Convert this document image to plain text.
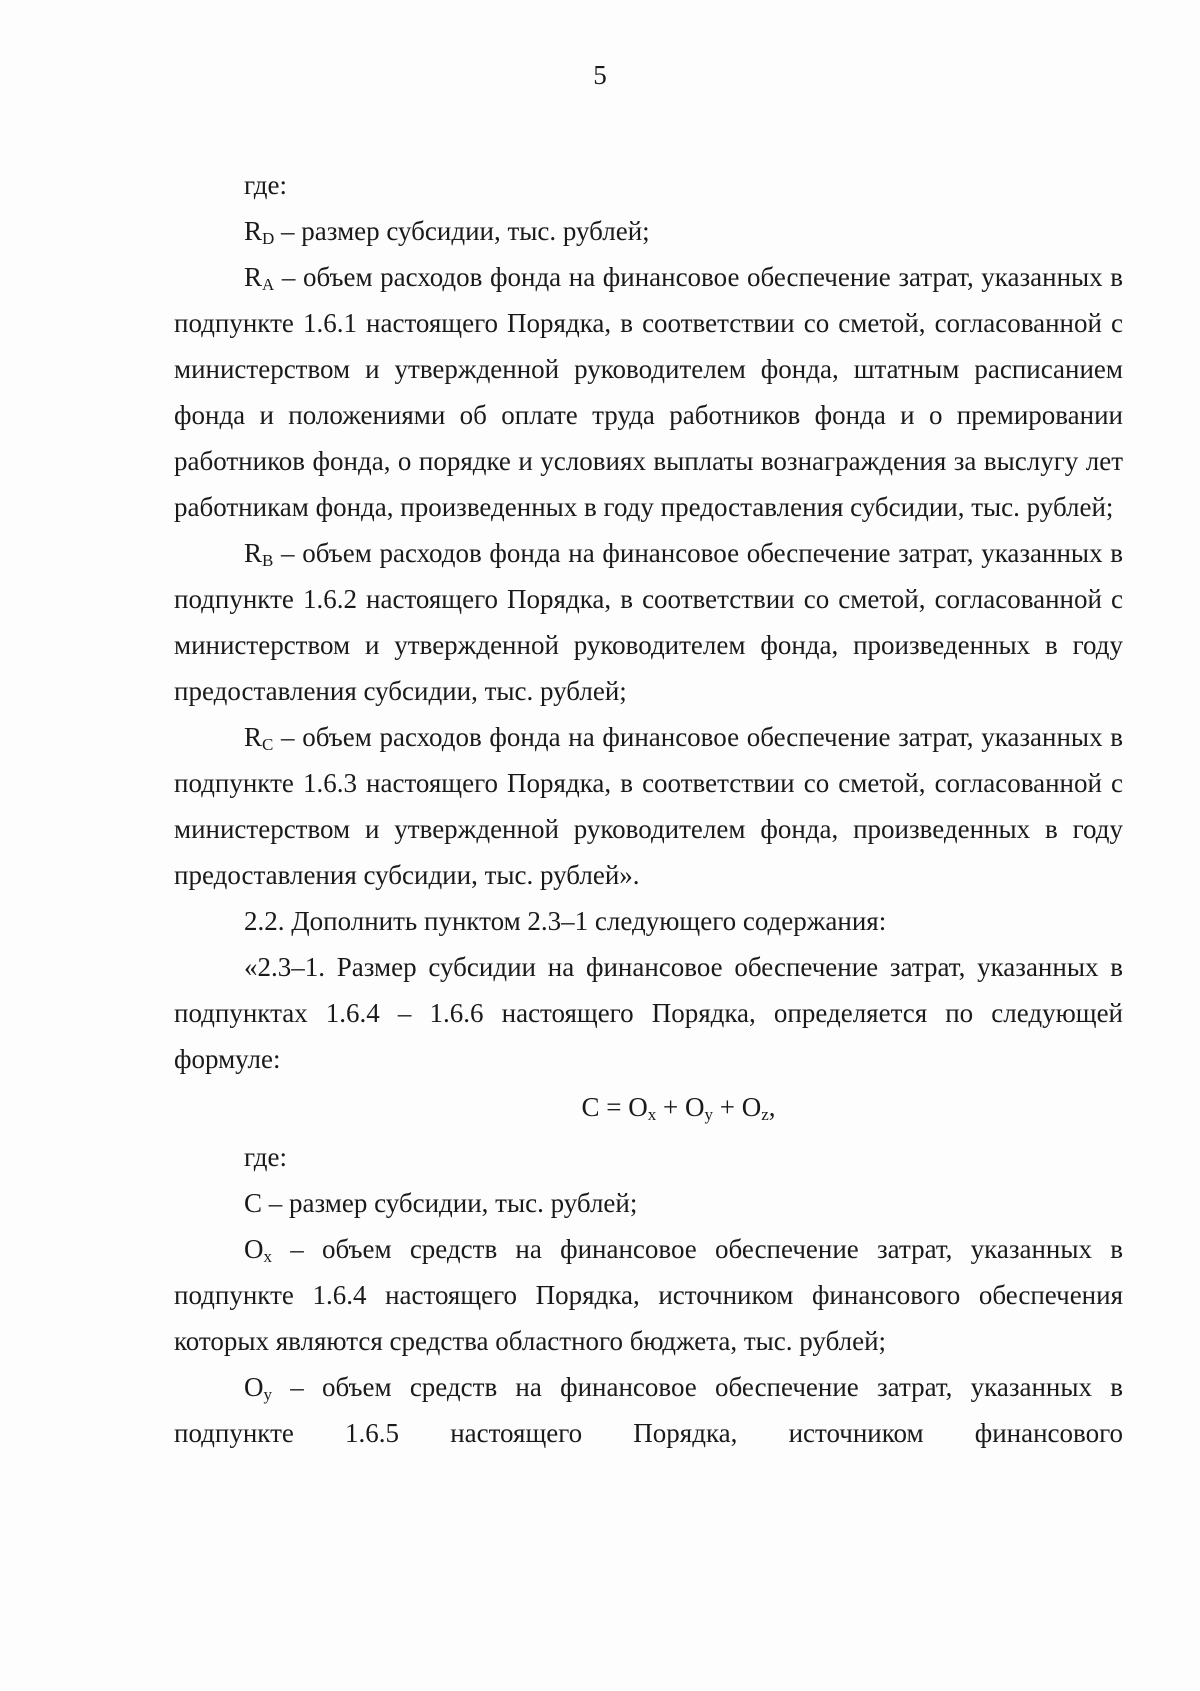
5

где:

$R_D$ – размер субсидии, тыс. рублей;

$R_A$ – объем расходов фонда на финансовое обеспечение затрат, указанных в подпункте 1.6.1 настоящего Порядка, в соответствии со сметой, согласованной с министерством и утвержденной руководителем фонда, штатным расписанием фонда и положениями об оплате труда работников фонда и о премировании работников фонда, о порядке и условиях выплаты вознаграждения за выслугу лет работникам фонда, произведенных в году предоставления субсидии, тыс. рублей;

$R_B$ – объем расходов фонда на финансовое обеспечение затрат, указанных в подпункте 1.6.2 настоящего Порядка, в соответствии со сметой, согласованной с министерством и утвержденной руководителем фонда, произведенных в году предоставления субсидии, тыс. рублей;

$R_C$ – объем расходов фонда на финансовое обеспечение затрат, указанных в подпункте 1.6.3 настоящего Порядка, в соответствии со сметой, согласованной с министерством и утвержденной руководителем фонда, произведенных в году предоставления субсидии, тыс. рублей».

2.2. Дополнить пунктом 2.3–1 следующего содержания:

«2.3–1. Размер субсидии на финансовое обеспечение затрат, указанных в подпунктах 1.6.4 – 1.6.6 настоящего Порядка, определяется по следующей формуле:

$C = O_x + O_y + O_z$,

где:

C – размер субсидии, тыс. рублей;

$O_x$ – объем средств на финансовое обеспечение затрат, указанных в подпункте 1.6.4 настоящего Порядка, источником финансового обеспечения которых являются средства областного бюджета, тыс. рублей;

$O_y$ – объем средств на финансовое обеспечение затрат, указанных в подпункте 1.6.5 настоящего Порядка, источником финансового
